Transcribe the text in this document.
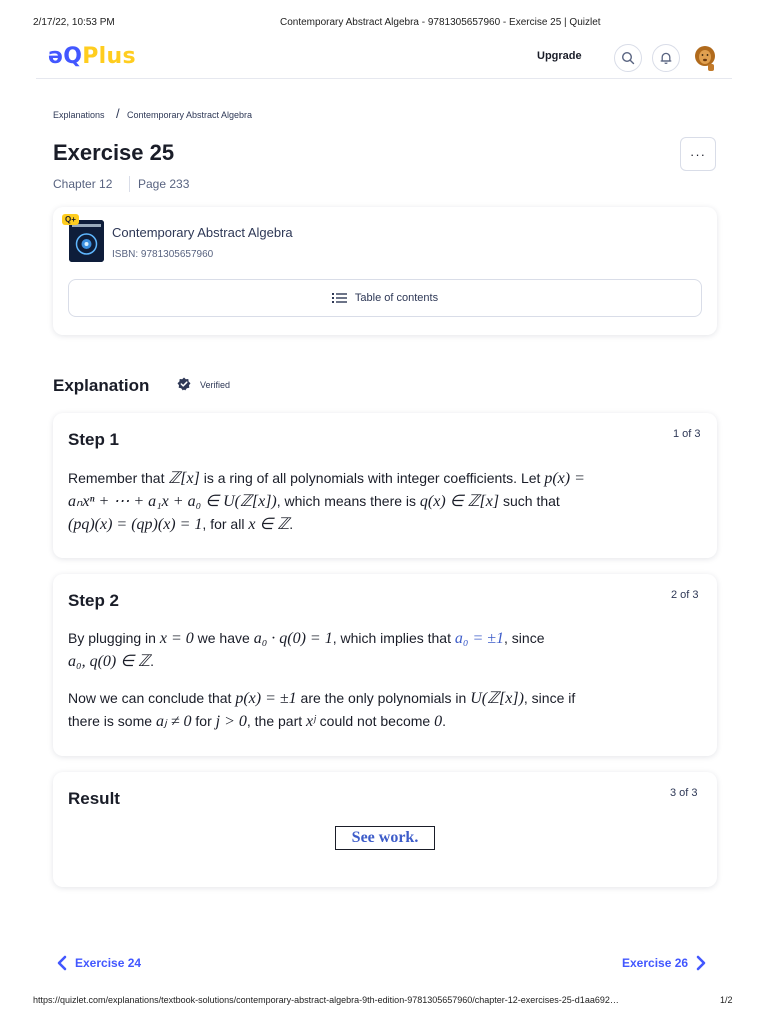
2/17/22, 10:53 PM	Contemporary Abstract Algebra - 9781305657960 - Exercise 25 | Quizlet
ǝQPlus	Upgrade
Explanations / Contemporary Abstract Algebra
Exercise 25
Chapter 12 Page 233
···
Q+
Contemporary Abstract Algebra
ISBN: 9781305657960
Table of contents
Explanation	Verified
Step 1	1 of 3
Remember that ℤ[x] is a ring of all polynomials with integer coefficients. Let p(x) =
aₙxⁿ + ⋯ + a₁x + a₀ ∈ U(ℤ[x]), which means there is q(x) ∈ ℤ[x] such that
(pq)(x) = (qp)(x) = 1, for all x ∈ ℤ.
Step 2	2 of 3
By plugging in x = 0 we have a₀ · q(0) = 1, which implies that a₀ = ±1, since
a₀, q(0) ∈ ℤ.
Now we can conclude that p(x) = ±1 are the only polynomials in U(ℤ[x]), since if
there is some aⱼ ≠ 0 for j > 0, the part xʲ could not become 0.
Result	3 of 3
See work.
Exercise 24	Exercise 26
https://quizlet.com/explanations/textbook-solutions/contemporary-abstract-algebra-9th-edition-9781305657960/chapter-12-exercises-25-d1aa692…	1/2
